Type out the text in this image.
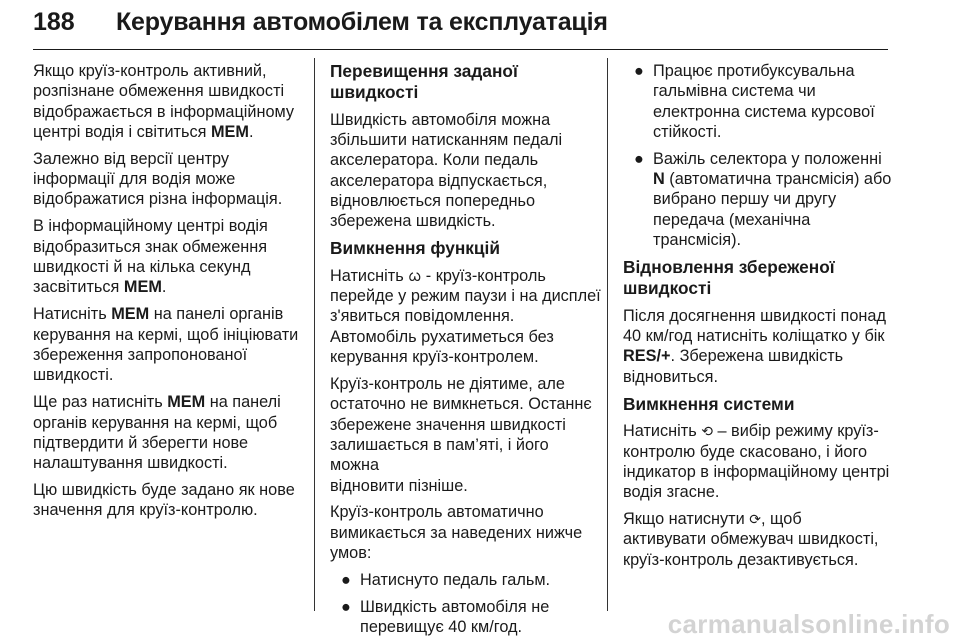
188 Керування автомобілем та експлуатація

Якщо круїз-контроль активний,
розпізнане обмеження швидкості
відображається в інформаційному
центрі водія і світиться MEM.

Залежно від версії центру
інформації для водія може
відображатися різна інформація.

В інформаційному центрі водія
відобразиться знак обмеження
швидкості й на кілька секунд
засвітиться MEM.

Натисніть MEM на панелі органів
керування на кермі, щоб ініціювати
збереження запропонованої
швидкості.

Ще раз натисніть MEM на панелі
органів керування на кермі, щоб
підтвердити й зберегти нове
налаштування швидкості.

Цю швидкість буде задано як нове
значення для круїз-контролю.

Перевищення заданої
швидкості

Швидкість автомобіля можна
збільшити натисканням педалі
акселератора. Коли педаль
акселератора відпускається,
відновлюється попередньо
збережена швидкість.

Вимкнення функцій

Натисніть ᰃ - круїз-контроль
перейде у режим паузи і на дисплеї
з'явиться повідомлення.
Автомобіль рухатиметься без
керування круїз-контролем.

Круїз-контроль не діятиме, але
остаточно не вимкнеться. Останнє
збережене значення швидкості
залишається в пам’яті, і його можна
відновити пізніше.

Круїз-контроль автоматично
вимикається за наведених нижче
умов:

● Натиснуто педаль гальм.
● Швидкість автомобіля не
перевищує 40 км/год.
● Працює протибуксувальна
гальмівна система чи
електронна система курсової
стійкості.
● Важіль селектора у положенні
N (автоматична трансмісія) або
вибрано першу чи другу
передача (механічна
трансмісія).
Відновлення збереженої
швидкості

Після досягнення швидкості понад
40 км/год натисніть коліщатко у бік
RES/+. Збережена швидкість
відновиться.

Вимкнення системи

Натисніть ⟲ – вибір режиму круїз-
контролю буде скасовано, і його
індикатор в інформаційному центрі
водія згасне.

Якщо натиснути ⟳, щоб
активувати обмежувач швидкості,
круїз-контроль дезактивується.

carmanualsonline.info
